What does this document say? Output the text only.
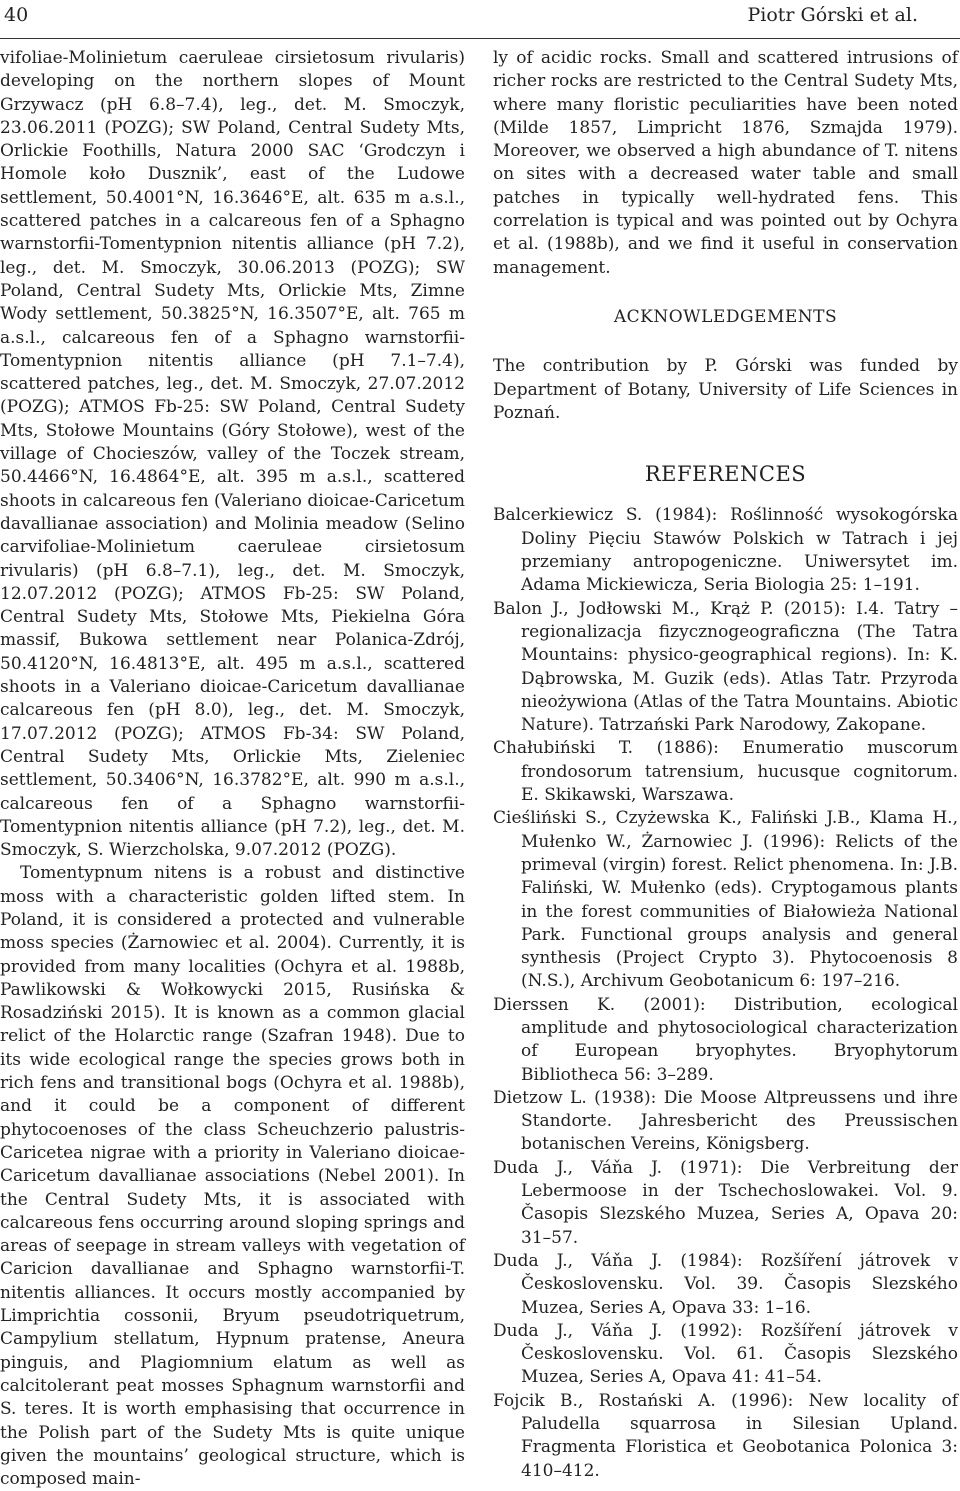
40	Piotr Górski et al.

vifoliae-Molinietum caeruleae cirsietosum rivularis) developing on the northern slopes of Mount Grzywacz (pH 6.8–7.4), leg., det. M. Smoczyk, 23.06.2011 (POZG); SW Poland, Central Sudety Mts, Orlickie Foothills, Natura 2000 SAC ‘Grodczyn i Homole koło Dusznik’, east of the Ludowe settlement, 50.4001°N, 16.3646°E, alt. 635 m a.s.l., scattered patches in a calcareous fen of a Sphagno warnstorfii-Tomentypnion nitentis alliance (pH 7.2), leg., det. M. Smoczyk, 30.06.2013 (POZG); SW Poland, Central Sudety Mts, Orlickie Mts, Zimne Wody settlement, 50.3825°N, 16.3507°E, alt. 765 m a.s.l., calcareous fen of a Sphagno warnstorfii-Tomentypnion nitentis alliance (pH 7.1–7.4), scattered patches, leg., det. M. Smoczyk, 27.07.2012 (POZG); ATMOS Fb-25: SW Poland, Central Sudety Mts, Stołowe Mountains (Góry Stołowe), west of the village of Chocieszów, valley of the Toczek stream, 50.4466°N, 16.4864°E, alt. 395 m a.s.l., scattered shoots in calcareous fen (Valeriano dioicae-Caricetum davallianae association) and Molinia meadow (Selino carvifoliae-Molinietum caeruleae cirsietosum rivularis) (pH 6.8–7.1), leg., det. M. Smoczyk, 12.07.2012 (POZG); ATMOS Fb-25: SW Poland, Central Sudety Mts, Stołowe Mts, Piekielna Góra massif, Bukowa settlement near Polanica-Zdrój, 50.4120°N, 16.4813°E, alt. 495 m a.s.l., scattered shoots in a Valeriano dioicae-Caricetum davallianae calcareous fen (pH 8.0), leg., det. M. Smoczyk, 17.07.2012 (POZG); ATMOS Fb-34: SW Poland, Central Sudety Mts, Orlickie Mts, Zieleniec settlement, 50.3406°N, 16.3782°E, alt. 990 m a.s.l., calcareous fen of a Sphagno warnstorfii-Tomentypnion nitentis alliance (pH 7.2), leg., det. M. Smoczyk, S. Wierzcholska, 9.07.2012 (POZG).

Tomentypnum nitens is a robust and distinctive moss with a characteristic golden lifted stem. In Poland, it is considered a protected and vulnerable moss species (Żarnowiec et al. 2004). Currently, it is provided from many localities (Ochyra et al. 1988b, Pawlikowski & Wołkowycki 2015, Rusińska & Rosadziński 2015). It is known as a common glacial relict of the Holarctic range (Szafran 1948). Due to its wide ecological range the species grows both in rich fens and transitional bogs (Ochyra et al. 1988b), and it could be a component of different phytocoenoses of the class Scheuchzerio palustris-Caricetea nigrae with a priority in Valeriano dioicae-Caricetum davallianae associations (Nebel 2001). In the Central Sudety Mts, it is associated with calcareous fens occurring around sloping springs and areas of seepage in stream valleys with vegetation of Caricion davallianae and Sphagno warnstorfii-T. nitentis alliances. It occurs mostly accompanied by Limprichtia cossonii, Bryum pseudotriquetrum, Campylium stellatum, Hypnum pratense, Aneura pinguis, and Plagiomnium elatum as well as calcitolerant peat mosses Sphagnum warnstorfii and S. teres. It is worth emphasising that occurrence in the Polish part of the Sudety Mts is quite unique given the mountains’ geological structure, which is composed main-

ly of acidic rocks. Small and scattered intrusions of richer rocks are restricted to the Central Sudety Mts, where many floristic peculiarities have been noted (Milde 1857, Limpricht 1876, Szmajda 1979). Moreover, we observed a high abundance of T. nitens on sites with a decreased water table and small patches in typically well-hydrated fens. This correlation is typical and was pointed out by Ochyra et al. (1988b), and we find it useful in conservation management.

ACKNOWLEDGEMENTS

The contribution by P. Górski was funded by Department of Botany, University of Life Sciences in Poznań.

REFERENCES

Balcerkiewicz S. (1984): Roślinność wysokogórska Doliny Pięciu Stawów Polskich w Tatrach i jej przemiany antropogeniczne. Uniwersytet im. Adama Mickiewicza, Seria Biologia 25: 1–191.

Balon J., Jodłowski M., Krąż P. (2015): I.4. Tatry – regionalizacja fizycznogeograficzna (The Tatra Mountains: physico-geographical regions). In: K. Dąbrowska, M. Guzik (eds). Atlas Tatr. Przyroda nieożywiona (Atlas of the Tatra Mountains. Abiotic Nature). Tatrzański Park Narodowy, Zakopane.

Chałubiński T. (1886): Enumeratio muscorum frondosorum tatrensium, hucusque cognitorum. E. Skikawski, Warszawa.

Cieśliński S., Czyżewska K., Faliński J.B., Klama H., Mułenko W., Żarnowiec J. (1996): Relicts of the primeval (virgin) forest. Relict phenomena. In: J.B. Faliński, W. Mułenko (eds). Cryptogamous plants in the forest communities of Białowieża National Park. Functional groups analysis and general synthesis (Project Crypto 3). Phytocoenosis 8 (N.S.), Archivum Geobotanicum 6: 197–216.

Dierssen K. (2001): Distribution, ecological amplitude and phytosociological characterization of European bryophytes. Bryophytorum Bibliotheca 56: 3–289.

Dietzow L. (1938): Die Moose Altpreussens und ihre Standorte. Jahresbericht des Preussischen botanischen Vereins, Königsberg.

Duda J., Váňa J. (1971): Die Verbreitung der Lebermoose in der Tschechoslowakei. Vol. 9. Časopis Slezského Muzea, Series A, Opava 20: 31–57.

Duda J., Váňa J. (1984): Rozšíření játrovek v Československu. Vol. 39. Časopis Slezského Muzea, Series A, Opava 33: 1–16.

Duda J., Váňa J. (1992): Rozšíření játrovek v Československu. Vol. 61. Časopis Slezského Muzea, Series A, Opava 41: 41–54.

Fojcik B., Rostański A. (1996): New locality of Paludella squarrosa in Silesian Upland. Fragmenta Floristica et Geobotanica Polonica 3: 410–412.
